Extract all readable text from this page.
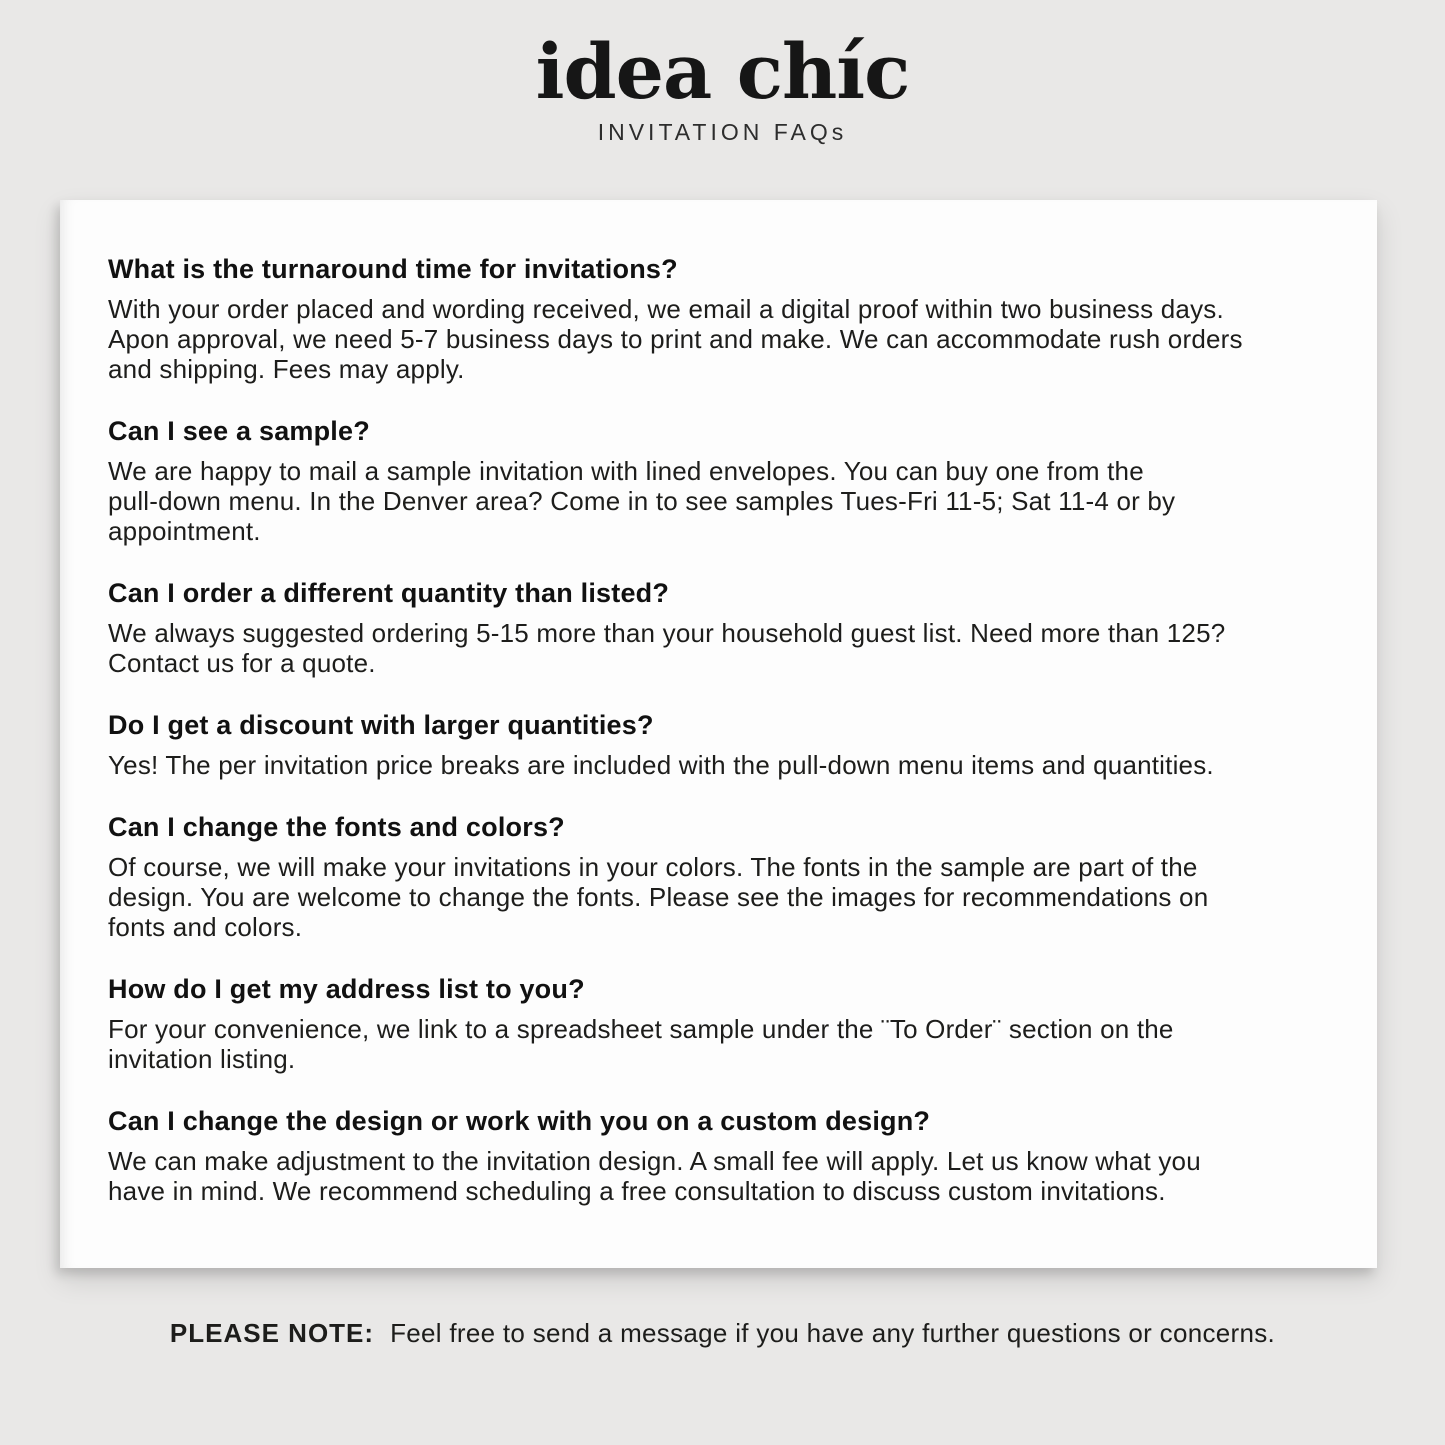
idea chíc
INVITATION FAQs
What is the turnaround time for invitations?
With your order placed and wording received, we email a digital proof within two business days.
Apon approval, we need 5-7 business days to print and make. We can accommodate rush orders
and shipping. Fees may apply.
Can I see a sample?
We are happy to mail a sample invitation with lined envelopes. You can buy one from the
pull-down menu. In the Denver area? Come in to see samples Tues-Fri 11-5; Sat 11-4 or by
appointment.
Can I order a different quantity than listed?
We always suggested ordering 5-15 more than your household guest list. Need more than 125?
Contact us for a quote.
Do I get a discount with larger quantities?
Yes! The per invitation price breaks are included with the pull-down menu items and quantities.
Can I change the fonts and colors?
Of course, we will make your invitations in your colors. The fonts in the sample are part of the
design. You are welcome to change the fonts. Please see the images for recommendations on
fonts and colors.
How do I get my address list to you?
For your convenience, we link to a spreadsheet sample under the ¨To Order¨ section on the
invitation listing.
Can I change the design or work with you on a custom design?
We can make adjustment to the invitation design. A small fee will apply. Let us know what you
have in mind. We recommend scheduling a free consultation to discuss custom invitations.
PLEASE NOTE: Feel free to send a message if you have any further questions or concerns.
